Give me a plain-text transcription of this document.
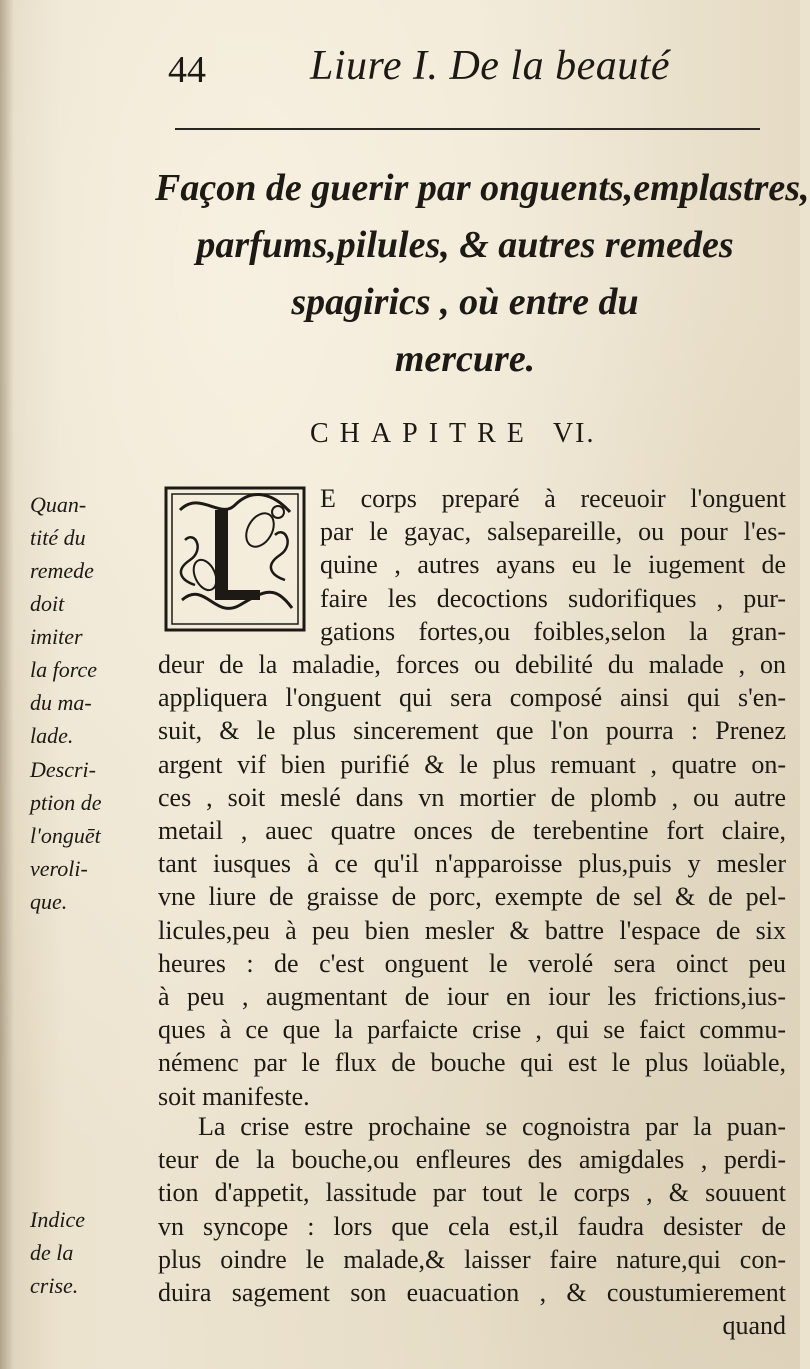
44 Liure I. De la beauté
Façon de guerir par onguents,emplastres,
parfums,pilules, & autres remedes
spagirics , où entre du
mercure.
CHAPITRE VI.
L
Quan-
tité du
remede
doit
imiter
la force
du ma-
lade.
Descri-
ption de
l'onguēt
veroli-
que.
Indice
de la
crise.
E corps preparé à receuoir l'onguent
par le gayac, salsepareille, ou pour l'es-
quine , autres ayans eu le iugement de
faire les decoctions sudorifiques , pur-
gations fortes,ou foibles,selon la gran-
deur de la maladie, forces ou debilité du malade , on
appliquera l'onguent qui sera composé ainsi qui s'en-
suit, & le plus sincerement que l'on pourra : Prenez
argent vif bien purifié & le plus remuant , quatre on-
ces , soit meslé dans vn mortier de plomb , ou autre
metail , auec quatre onces de terebentine fort claire,
tant iusques à ce qu'il n'apparoisse plus,puis y mesler
vne liure de graisse de porc, exempte de sel & de pel-
licules,peu à peu bien mesler & battre l'espace de six
heures : de c'est onguent le verolé sera oinct peu
à peu , augmentant de iour en iour les frictions,ius-
ques à ce que la parfaicte crise , qui se faict commu-
némenc par le flux de bouche qui est le plus loüable,
soit manifeste.
La crise estre prochaine se cognoistra par la puan-
teur de la bouche,ou enfleures des amigdales , perdi-
tion d'appetit, lassitude par tout le corps , & souuent
vn syncope : lors que cela est,il faudra desister de
plus oindre le malade,& laisser faire nature,qui con-
duira sagement son euacuation , & coustumierement
quand
